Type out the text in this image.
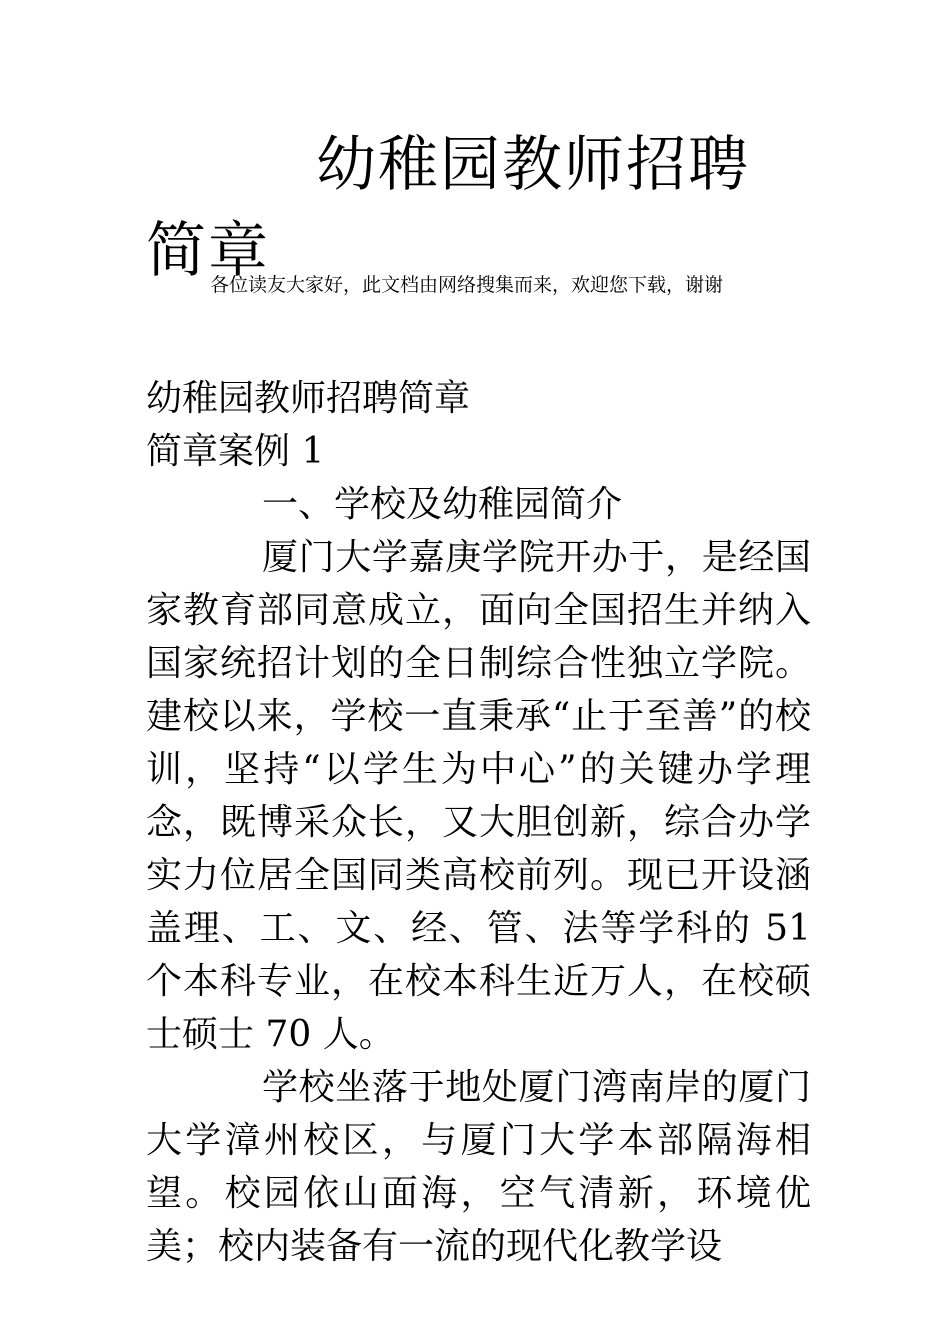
幼稚园教师招聘简章

各位读友大家好，此文档由网络搜集而来，欢迎您下载，谢谢

幼稚园教师招聘简章

简章案例 1

一、学校及幼稚园简介

厦门大学嘉庚学院开办于，是经国家教育部同意成立，面向全国招生并纳入国家统招计划的全日制综合性独立学院。建校以来，学校一直秉承“止于至善”的校训，坚持“以学生为中心”的关键办学理念，既博采众长，又大胆创新，综合办学实力位居全国同类高校前列。现已开设涵盖理、工、文、经、管、法等学科的 51 个本科专业，在校本科生近万人，在校硕士硕士 70 人。

学校坐落于地处厦门湾南岸的厦门大学漳州校区，与厦门大学本部隔海相望。校园依山面海，空气清新，环境优美；校内装备有一流的现代化教学设
